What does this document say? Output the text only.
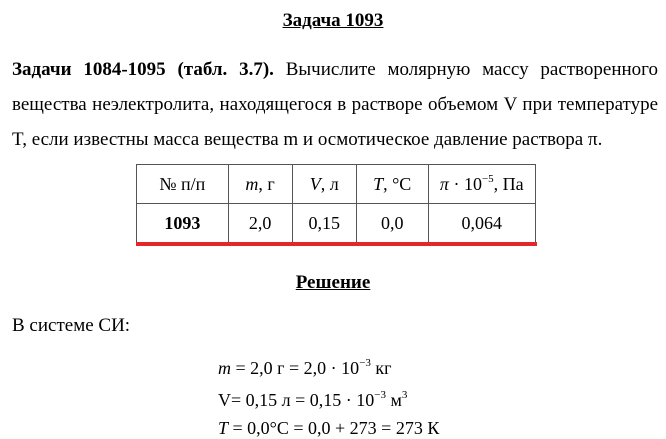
Задача 1093
Задачи 1084-1095 (табл. 3.7). Вычислите молярную массу растворенного вещества неэлектролита, находящегося в растворе объемом V при температуре T, если известны масса вещества m и осмотическое давление раствора π.
№ п/п	m, г	V, л	T, °C	$\pi \cdot 10^{-5}$, Па
1093	2,0	0,15	0,0	0,064
Решение
В системе СИ:
m = 2,0 $г = 2,0 \cdot 10^{-3}$ кг
V= 0,15 $л = 0,15 \cdot 10^{-3}$ $м^3$
T = 0,0°C = 0,0 + 273 = 273 К
